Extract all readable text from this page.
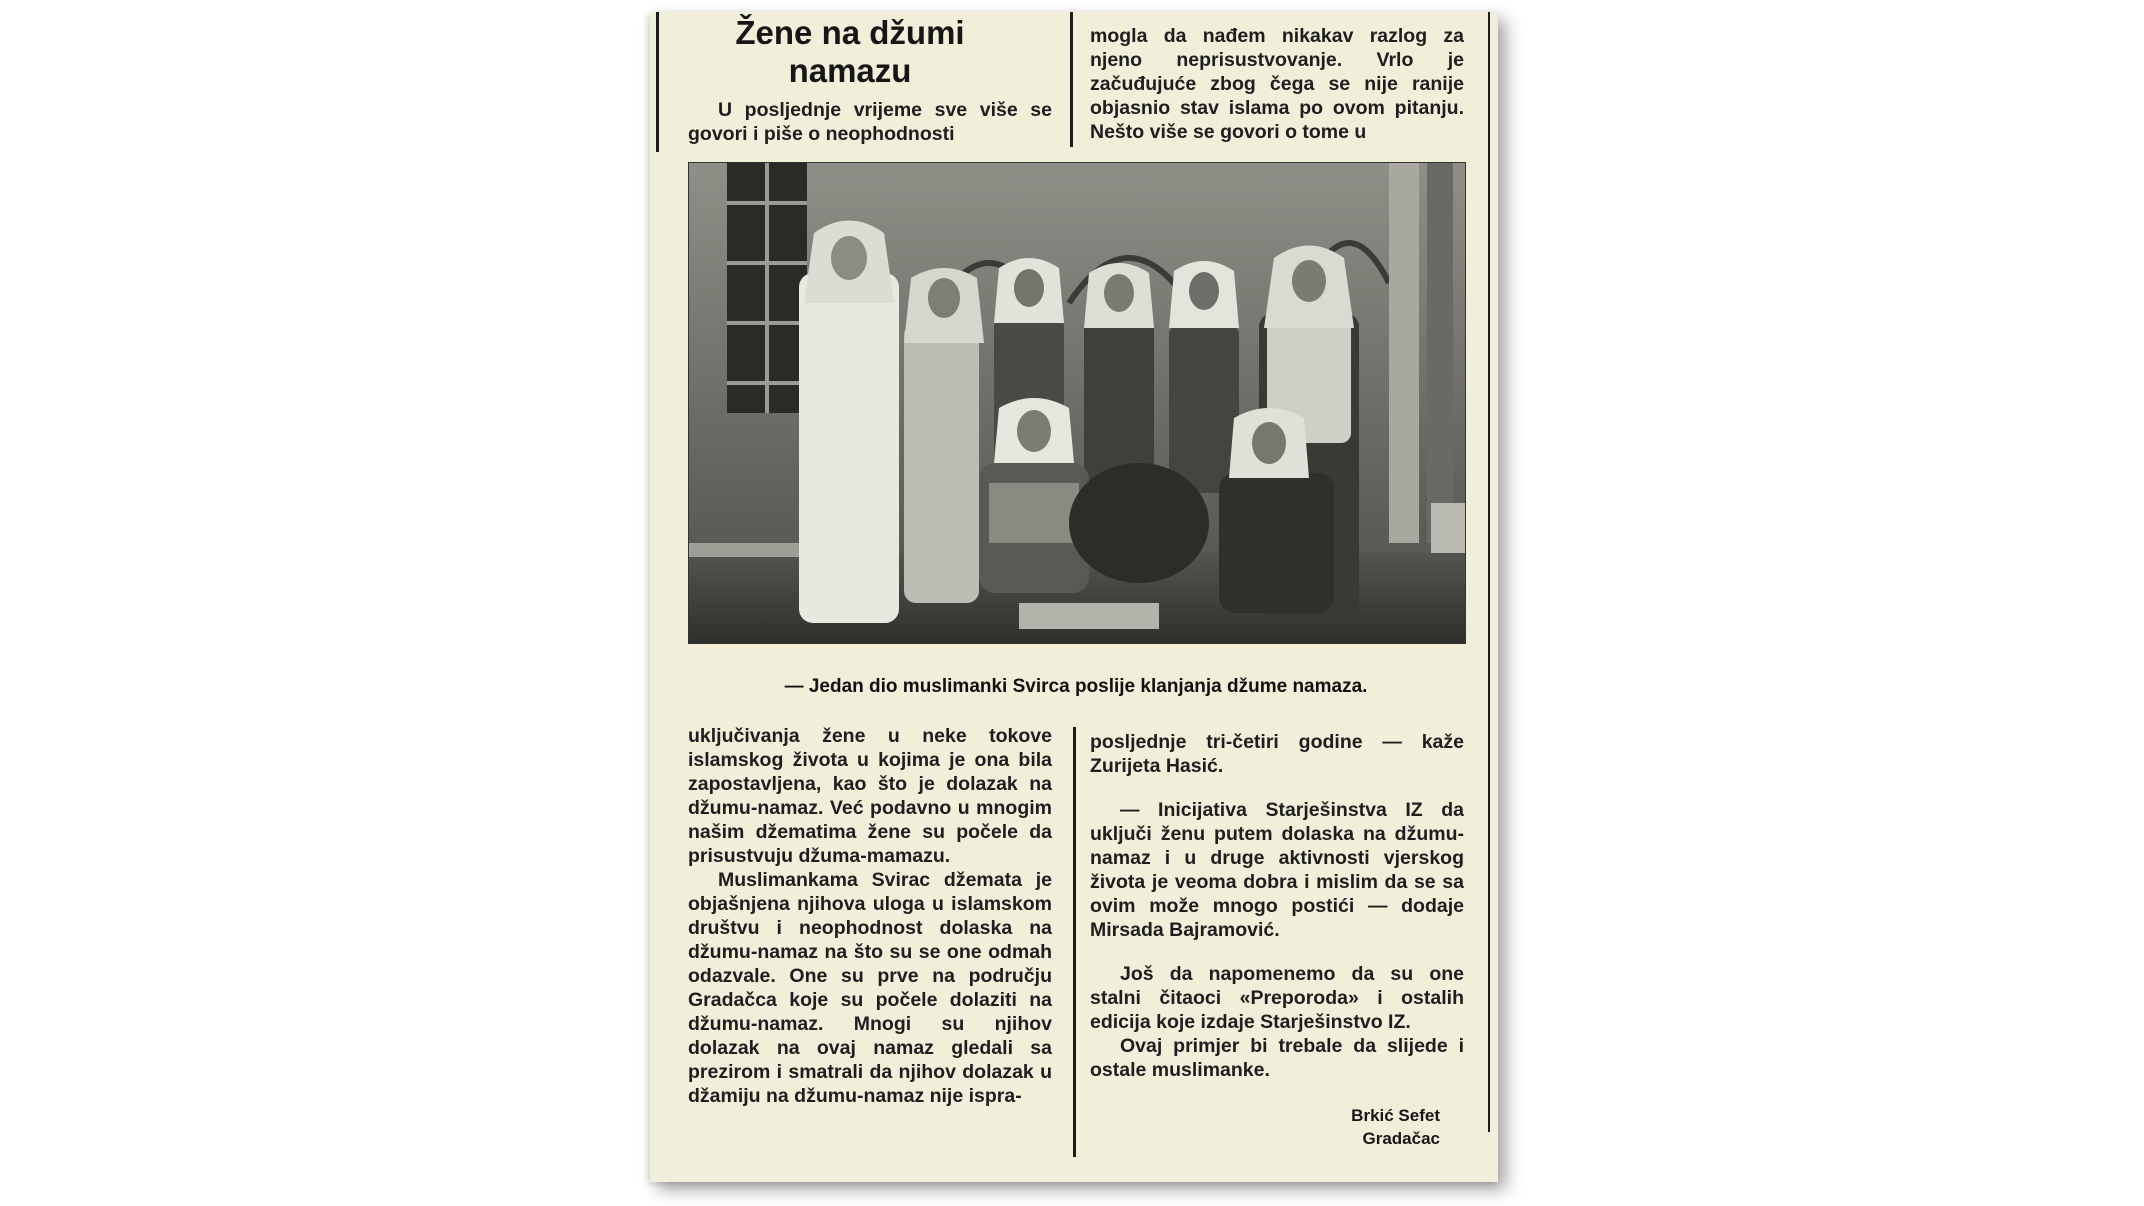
Žene na džumi namazu

U posljednje vrijeme sve više se govori i piše o neophodnosti

mogla da nađem nikakav razlog za njeno neprisustvovanje. Vrlo je začuđujuće zbog čega se nije ranije objasnio stav islama po ovom pitanju. Nešto više se govori o tome u

— Jedan dio muslimanki Svirca poslije klanjanja džume namaza.

uključivanja žene u neke tokove islamskog života u kojima je ona bila zapostavljena, kao što je dolazak na džumu-namaz. Već podavno u mnogim našim džematima žene su počele da prisustvuju džuma-mamazu.

Muslimankama Svirac džemata je objašnjena njihova uloga u islamskom društvu i neophodnost dolaska na džumu-namaz na što su se one odmah odazvale. One su prve na području Gradačca koje su počele dolaziti na džumu-namaz. Mnogi su njihov dolazak na ovaj namaz gledali sa prezirom i smatrali da njihov dolazak u džamiju na džumu-namaz nije ispra-

posljednje tri-četiri godine — kaže Zurijeta Hasić.

— Inicijativa Starješinstva IZ da uključi ženu putem dolaska na džumu-namaz i u druge aktivnosti vjerskog života je veoma dobra i mislim da se sa ovim može mnogo postići — dodaje Mirsada Bajramović.

Još da napomenemo da su one stalni čitaoci «Preporoda» i ostalih edicija koje izdaje Starješinstvo IZ.

Ovaj primjer bi trebale da slijede i ostale muslimanke.

Brkić Sefet
Gradačac
